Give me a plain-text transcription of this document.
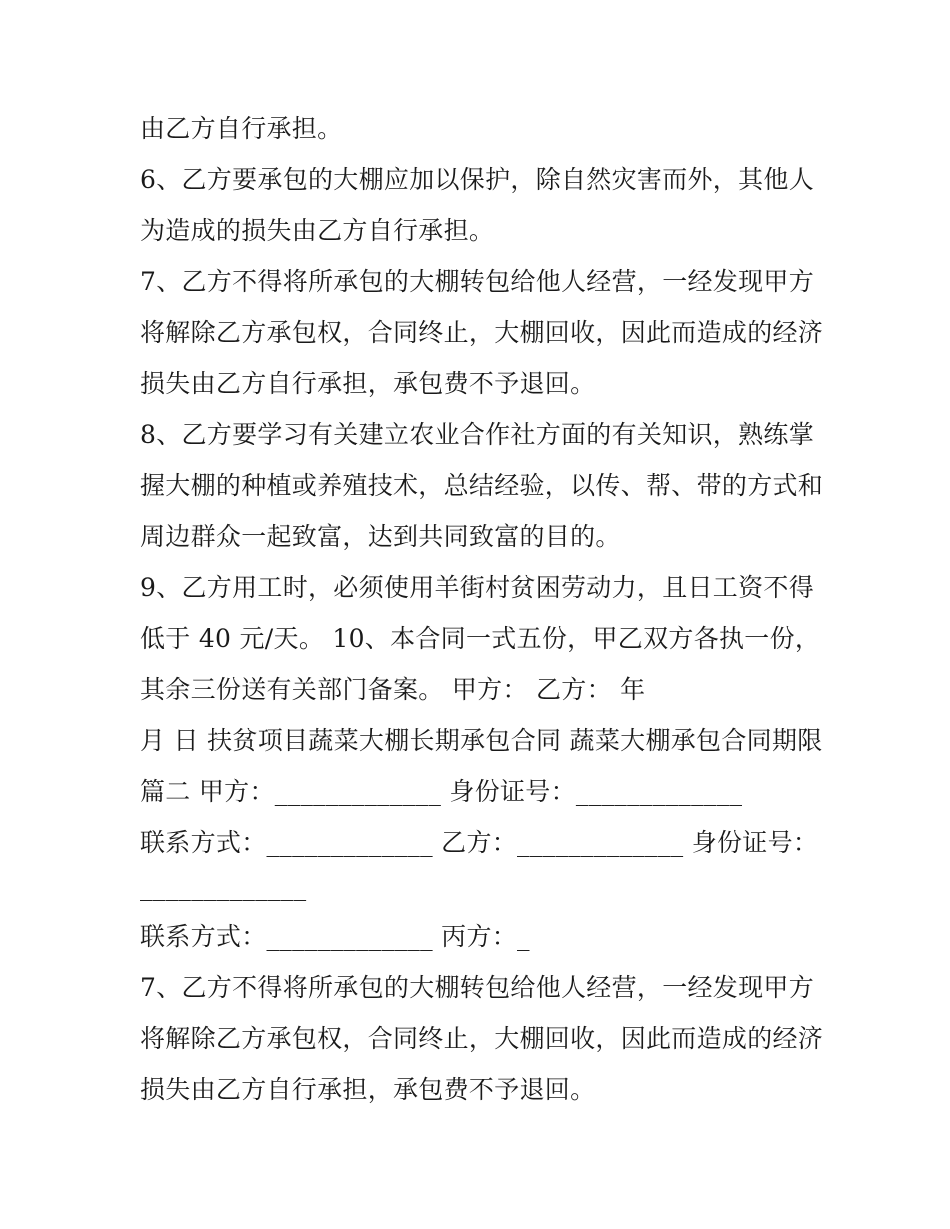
由乙方自行承担。
6、乙方要承包的大棚应加以保护，除自然灾害而外，其他人
为造成的损失由乙方自行承担。
7、乙方不得将所承包的大棚转包给他人经营，一经发现甲方
将解除乙方承包权，合同终止，大棚回收，因此而造成的经济
损失由乙方自行承担，承包费不予退回。
8、乙方要学习有关建立农业合作社方面的有关知识，熟练掌
握大棚的种植或养殖技术，总结经验，以传、帮、带的方式和
周边群众一起致富，达到共同致富的目的。
9、乙方用工时，必须使用羊街村贫困劳动力，且日工资不得
低于 40 元/天。 10、本合同一式五份，甲乙双方各执一份，
其余三份送有关部门备案。 甲方： 乙方： 年
月 日 扶贫项目蔬菜大棚长期承包合同 蔬菜大棚承包合同期限
篇二 甲方：_____________ 身份证号：_____________
联系方式：_____________ 乙方：_____________ 身份证号：
_____________
联系方式：_____________ 丙方：_
7、乙方不得将所承包的大棚转包给他人经营，一经发现甲方
将解除乙方承包权，合同终止，大棚回收，因此而造成的经济
损失由乙方自行承担，承包费不予退回。
